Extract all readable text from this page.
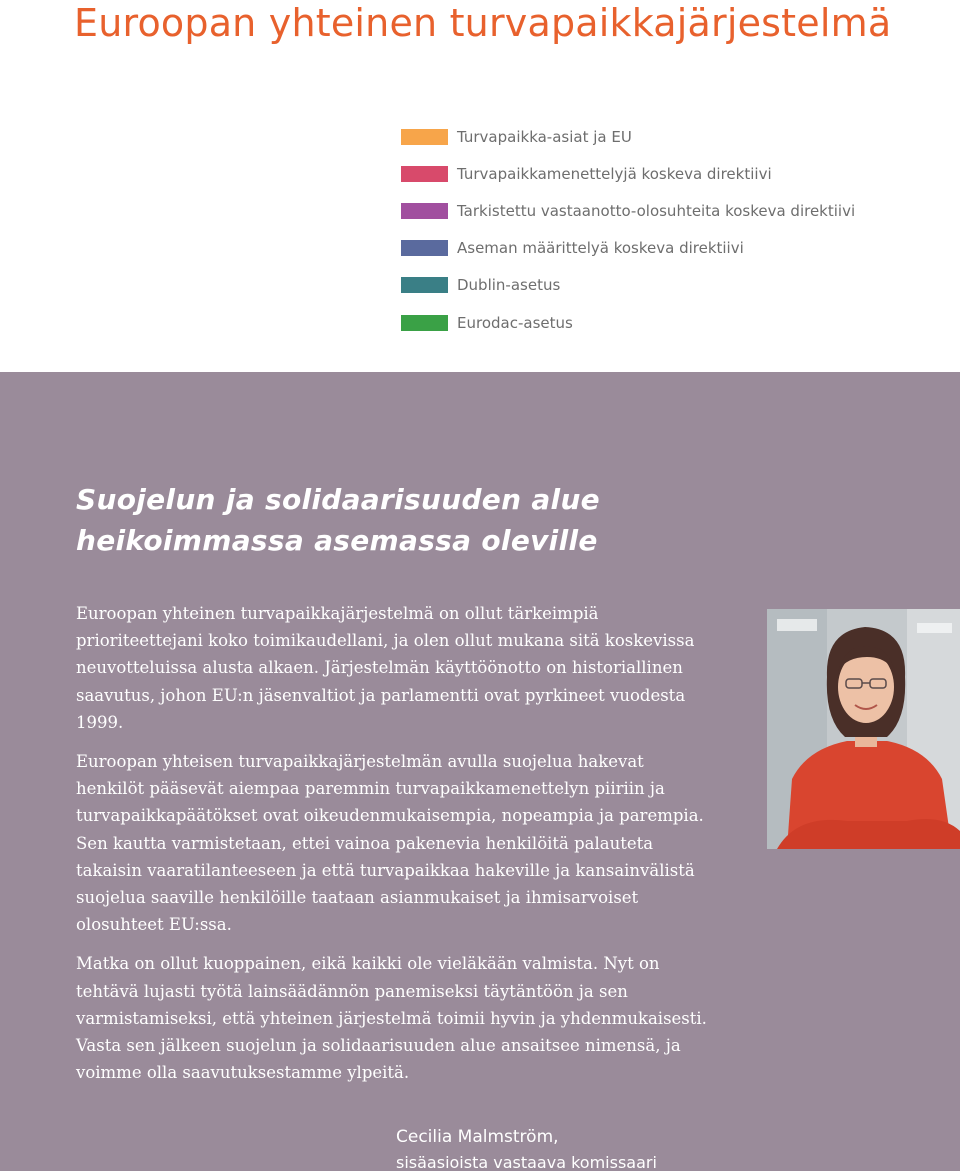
Euroopan yhteinen turvapaikkajärjestelmä
Turvapaikka-asiat ja EU
Turvapaikkamenettelyjä koskeva direktiivi
Tarkistettu vastaanotto-olosuhteita koskeva direktiivi
Aseman määrittelyä koskeva direktiivi
Dublin-asetus
Eurodac-asetus
Suojelun ja solidaarisuuden alue
heikoimmassa asemassa oleville

Euroopan yhteinen turvapaikkajärjestelmä on ollut tärkeimpiä prioriteettejani koko toimikaudellani, ja olen ollut mukana sitä koskevissa neuvotteluissa alusta alkaen. Järjestelmän käyttöönotto on historiallinen saavutus, johon EU:n jäsenvaltiot ja parlamentti ovat pyrkineet vuodesta 1999.

Euroopan yhteisen turvapaikkajärjestelmän avulla suojelua hakevat henkilöt pääsevät aiempaa paremmin turvapaikkamenettelyn piiriin ja turvapaikkapäätökset ovat oikeudenmukaisempia, nopeampia ja parempia. Sen kautta varmistetaan, ettei vainoa pakenevia henkilöitä palauteta takaisin vaaratilanteeseen ja että turvapaikkaa hakeville ja kansainvälistä suojelua saaville henkilöille taataan asianmukaiset ja ihmisarvoiset olosuhteet EU:ssa.

Matka on ollut kuoppainen, eikä kaikki ole vieläkään valmista. Nyt on tehtävä lujasti työtä lainsäädännön panemiseksi täytäntöön ja sen varmistamiseksi, että yhteinen järjestelmä toimii hyvin ja yhdenmukaisesti. Vasta sen jälkeen suojelun ja solidaarisuuden alue ansaitsee nimensä, ja voimme olla saavutuksestamme ylpeitä.

Cecilia Malmström,
sisäasioista vastaava komissaari
